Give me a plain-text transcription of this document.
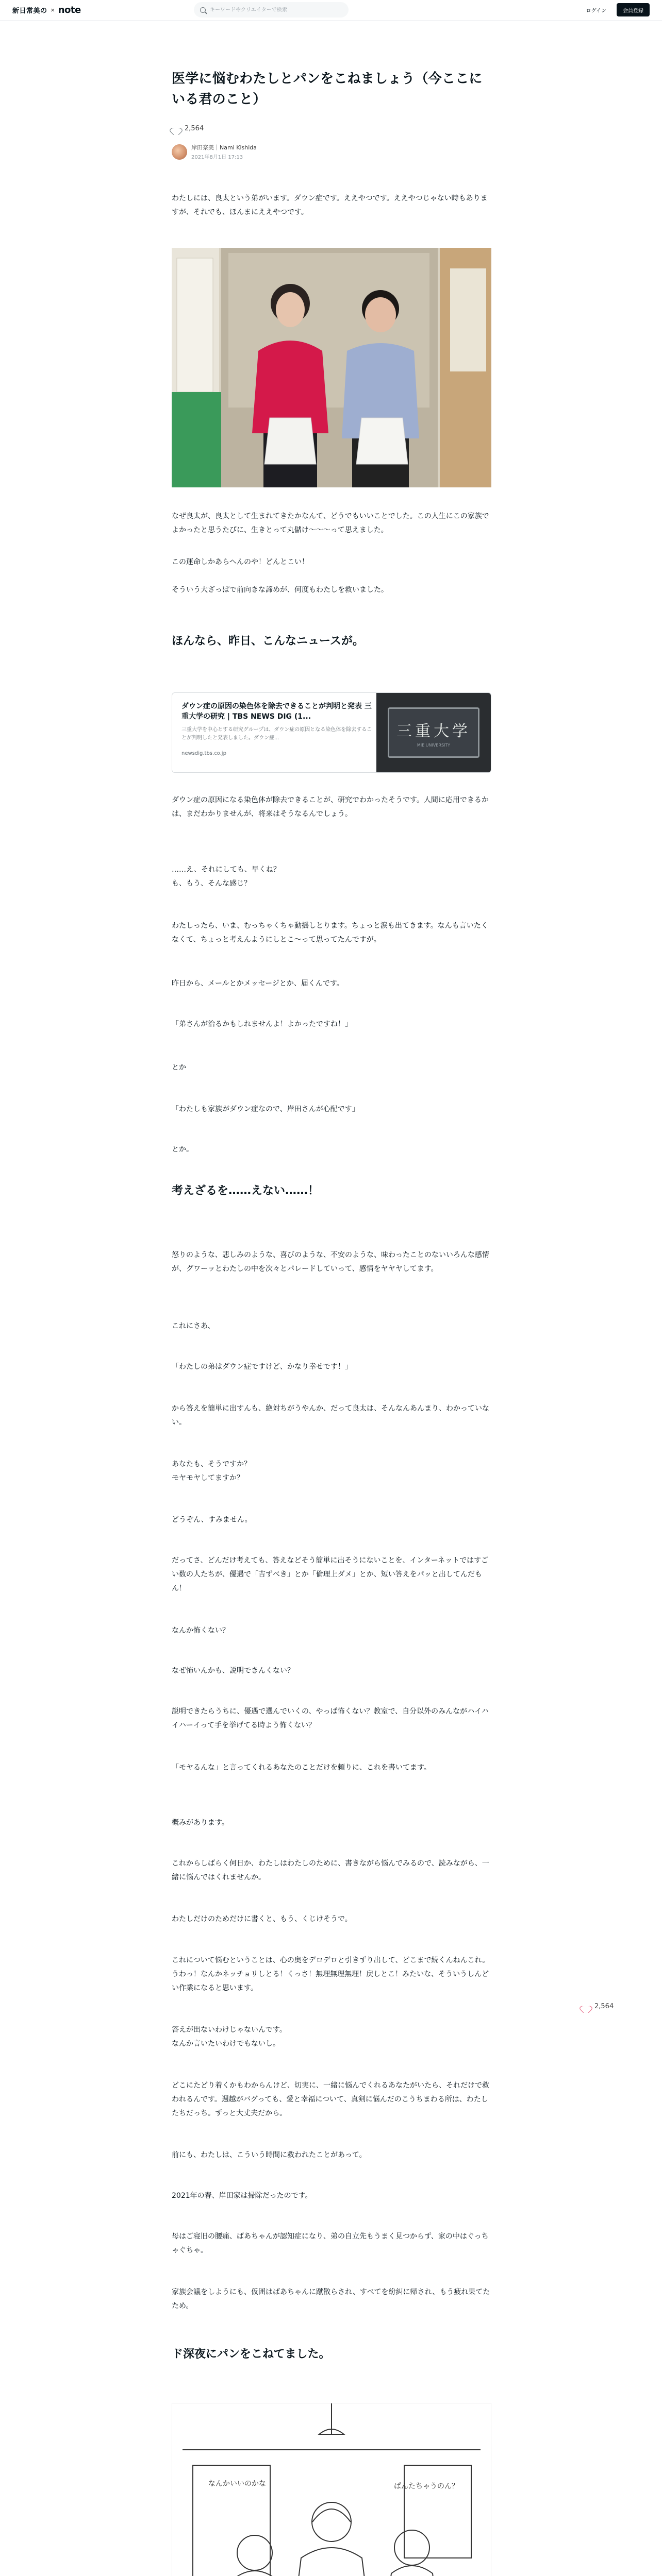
新日常美の × note
キーワードやクリエイターで検索	ログイン	会員登録
医学に悩むわたしとパンをこねましょう（今ここにいる君のこと）
2,564
岸田奈美｜Nami Kishida
2021年8月1日 17:13

わたしには、良太という弟がいます。ダウン症です。ええやつです。ええやつじゃない時もありますが、それでも、ほんまにええやつです。

なぜ良太が、良太として生まれてきたかなんて、どうでもいいことでした。この人生にこの家族でよかったと思うたびに、生きとって丸儲け〜〜〜って思えました。

この運命しかあらへんのや！どんとこい！

そういう大ざっぱで前向きな諦めが、何度もわたしを救いました。

ほんなら、昨日、こんなニュースが。
ダウン症の原因の染色体を除去できることが判明と発表 三重大学の研究 | TBS NEWS DIG (1...
三重大学を中心とする研究グループは、ダウン症の原因となる染色体を除去することが判明したと発表しました。ダウン症...
newsdig.tbs.co.jp
三重大学
MIE UNIVERSITY

ダウン症の原因になる染色体が除去できることが、研究でわかったそうです。人間に応用できるかは、まだわかりませんが、将来はそうなるんでしょう。

……え、それにしても、早くね？

も、もう、そんな感じ？

わたしったら、いま、むっちゃくちゃ動揺しとります。ちょっと涙も出てきます。なんも言いたくなくて、ちょっと考えんようにしとこ〜って思ってたんですが。

昨日から、メールとかメッセージとか、届くんです。

「弟さんが治るかもしれませんよ！よかったですね！」

とか

「わたしも家族がダウン症なので、岸田さんが心配です」

とか。

考えざるを……えない……！

怒りのような、悲しみのような、喜びのような、不安のような、味わったことのないいろんな感情が、グワーッとわたしの中を次々とパレードしていって、感情をヤヤヤしてます。

これにさあ、

「わたしの弟はダウン症ですけど、かなり幸せです！」

から答えを簡単に出すんも、絶対ちがうやんか、だって良太は、そんなんあんまり、わかっていない。

あなたも、そうですか？

モヤモヤしてますか？

どうぞん、すみません。

だってさ、どんだけ考えても、答えなどそう簡単に出そうにないことを、インターネットではすごい数の人たちが、優遇で「吉ずべき」とか「倫理上ダメ」とか、短い答えをパッと出してんだもん！

なんか怖くない？

なぜ怖いんかも、説明できんくない？

説明できたらうちに、優遇で選んでいくの、やっぱ怖くない？教室で、自分以外のみんながハイハイハーイって手を挙げてる時よう怖くない？

「モヤるんな」と言ってくれるあなたのことだけを頼りに、これを書いてます。

概みがあります。

これからしばらく何日か、わたしはわたしのために、書きながら悩んでみるので、読みながら、一緒に悩んではくれませんか。

わたしだけのためだけに書くと、もう、くじけそうで。

これについて悩むということは、心の奥をデロデロと引きずり出して、どこまで続くんねんこれ。うわっ！なんかネッチョリしとる！くっさ！無理無理無理！戻しとこ！みたいな、そういうしんどい作業になると思います。

答えが出ないわけじゃないんです。

なんか言いたいわけでもないし。

どこにたどり着くかもわからんけど、切実に、一緒に悩んでくれるあなたがいたら、それだけで救われるんです。週越がバグっても、愛と幸福について、真剣に悩んだのこうちまわる所は、わたしたちだっち。ずっと大丈夫だから。

前にも、わたしは、こういう時間に救われたことがあって。

2021年の春、岸田家は掃除だったのです。

母はご寝旧の腰痛、ばあちゃんが認知症になり、弟の自立先もうまく見つからず、家の中はぐっちゃぐちゃ。

家族会議をしようにも、仮囲はばあちゃんに蹴散らされ、すべてを紛糾に帰され、もう疲れ果てたため。

ド深夜にパンをこねてました。
なんかいいのかな	ぱんたちゃうのん？

2,564
